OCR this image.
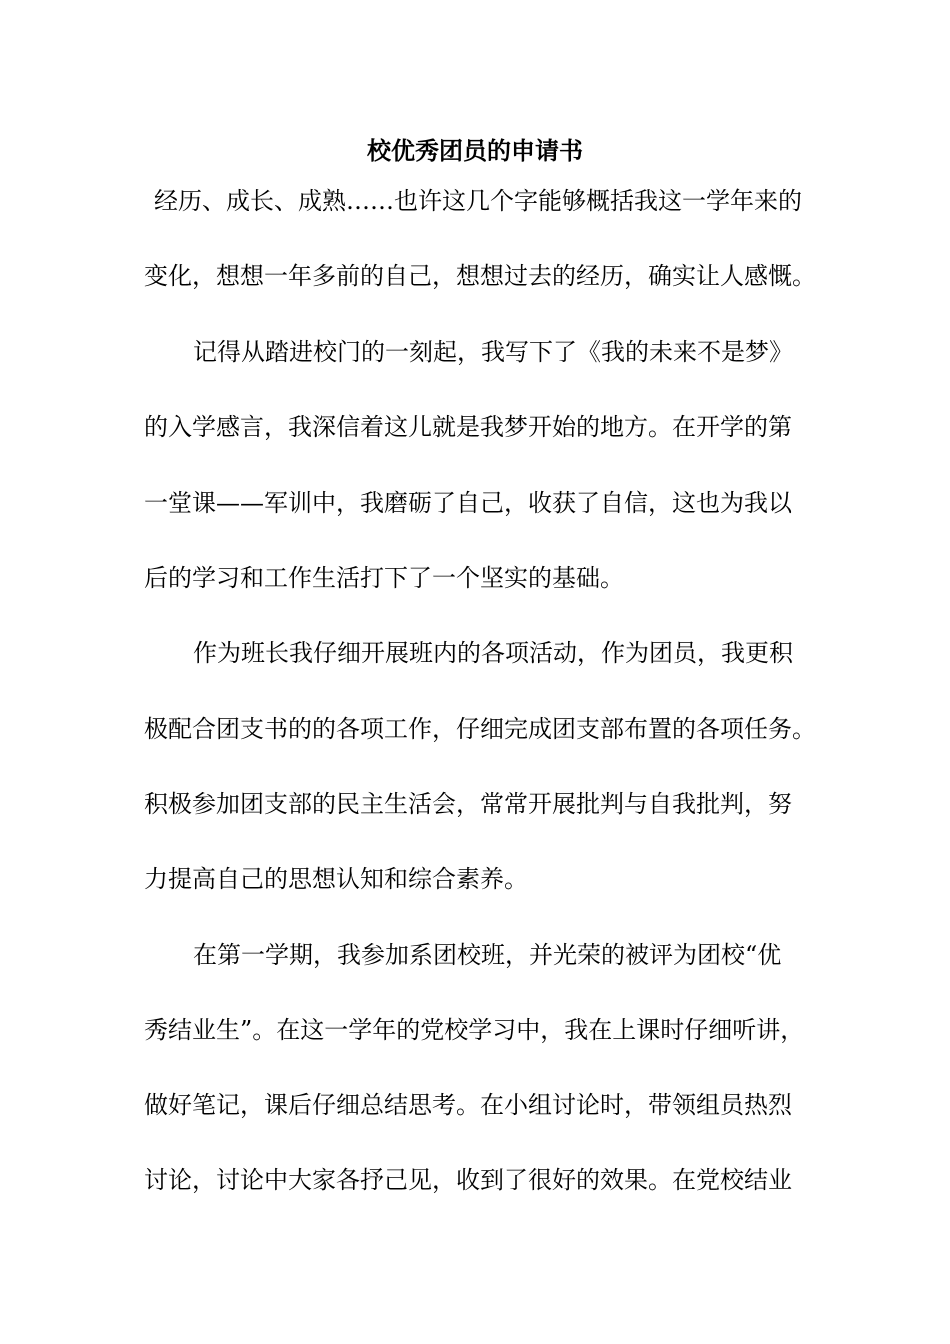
校优秀团员的申请书
经历、成长、成熟……也许这几个字能够概括我这一学年来的
变化，想想一年多前的自己，想想过去的经历，确实让人感慨。
记得从踏进校门的一刻起，我写下了《我的未来不是梦》
的入学感言，我深信着这儿就是我梦开始的地方。在开学的第
一堂课——军训中，我磨砺了自己，收获了自信，这也为我以
后的学习和工作生活打下了一个坚实的基础。
作为班长我仔细开展班内的各项活动，作为团员，我更积
极配合团支书的的各项工作，仔细完成团支部布置的各项任务。
积极参加团支部的民主生活会，常常开展批判与自我批判，努
力提高自己的思想认知和综合素养。
在第一学期，我参加系团校班，并光荣的被评为团校“优
秀结业生”。在这一学年的党校学习中，我在上课时仔细听讲，
做好笔记，课后仔细总结思考。在小组讨论时，带领组员热烈
讨论，讨论中大家各抒己见，收到了很好的效果。在党校结业
